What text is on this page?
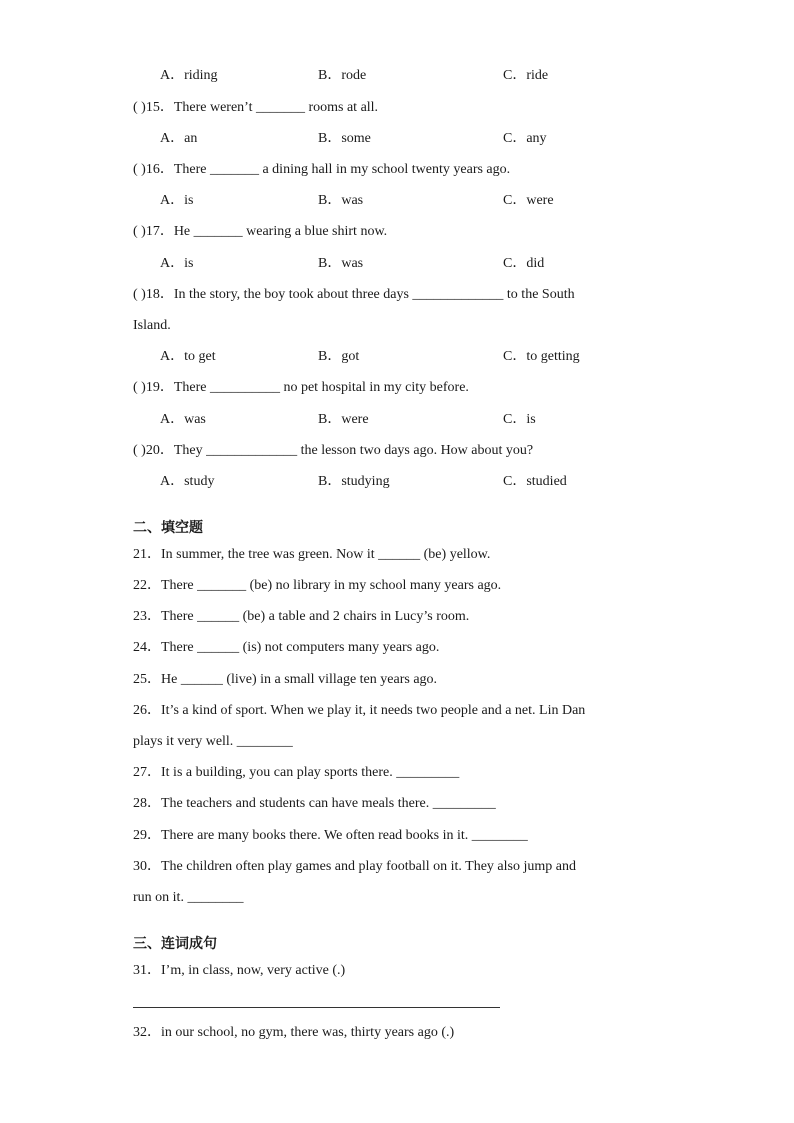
A．riding	B．rode	C．ride
( )15．There weren’t _______ rooms at all.
A．an	B．some	C．any
( )16．There _______ a dining hall in my school twenty years ago.
A．is	B．was	C．were
( )17．He _______ wearing a blue shirt now.
A．is	B．was	C．did
( )18．In the story, the boy took about three days _____________ to the South
Island.
A．to get	B．got	C．to getting
( )19．There __________ no pet hospital in my city before.
A．was	B．were	C．is
( )20．They _____________ the lesson two days ago. How about you?
A．study	B．studying	C．studied
二、填空题
21．In summer, the tree was green. Now it ______ (be) yellow.
22．There _______ (be) no library in my school many years ago.
23．There ______ (be) a table and 2 chairs in Lucy’s room.
24．There ______ (is) not computers many years ago.
25．He ______ (live) in a small village ten years ago.
26．It’s a kind of sport. When we play it, it needs two people and a net. Lin Dan
plays it very well. ________
27．It is a building, you can play sports there. _________
28．The teachers and students can have meals there. _________
29．There are many books there. We often read books in it. ________
30．The children often play games and play football on it. They also jump and
run on it. ________
三、连词成句
31．I’m, in class, now, very active (.)
32．in our school, no gym, there was, thirty years ago (.)
